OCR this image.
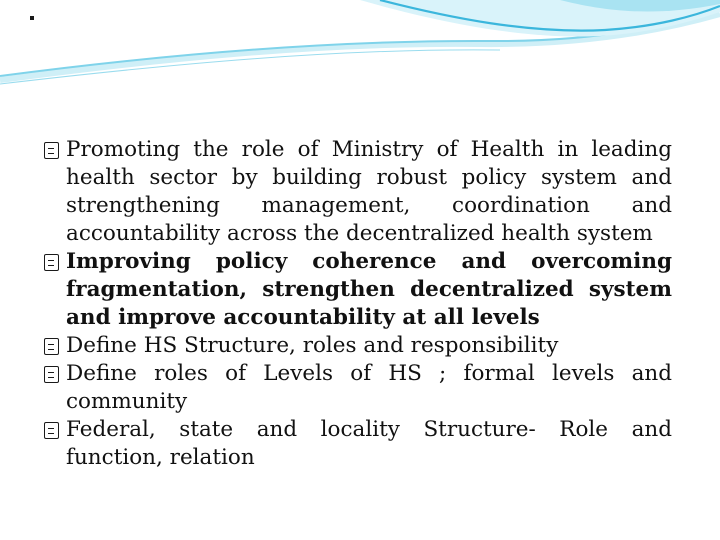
Promoting the role of Ministry of Health in leading health sector by building robust policy system and strengthening management, coordination and accountability across the decentralized health system
Improving policy coherence and overcoming fragmentation, strengthen decentralized system and improve accountability at all levels
Define HS Structure, roles and responsibility
Define roles of Levels of HS ; formal levels and community
Federal, state and locality Structure- Role and function, relation
